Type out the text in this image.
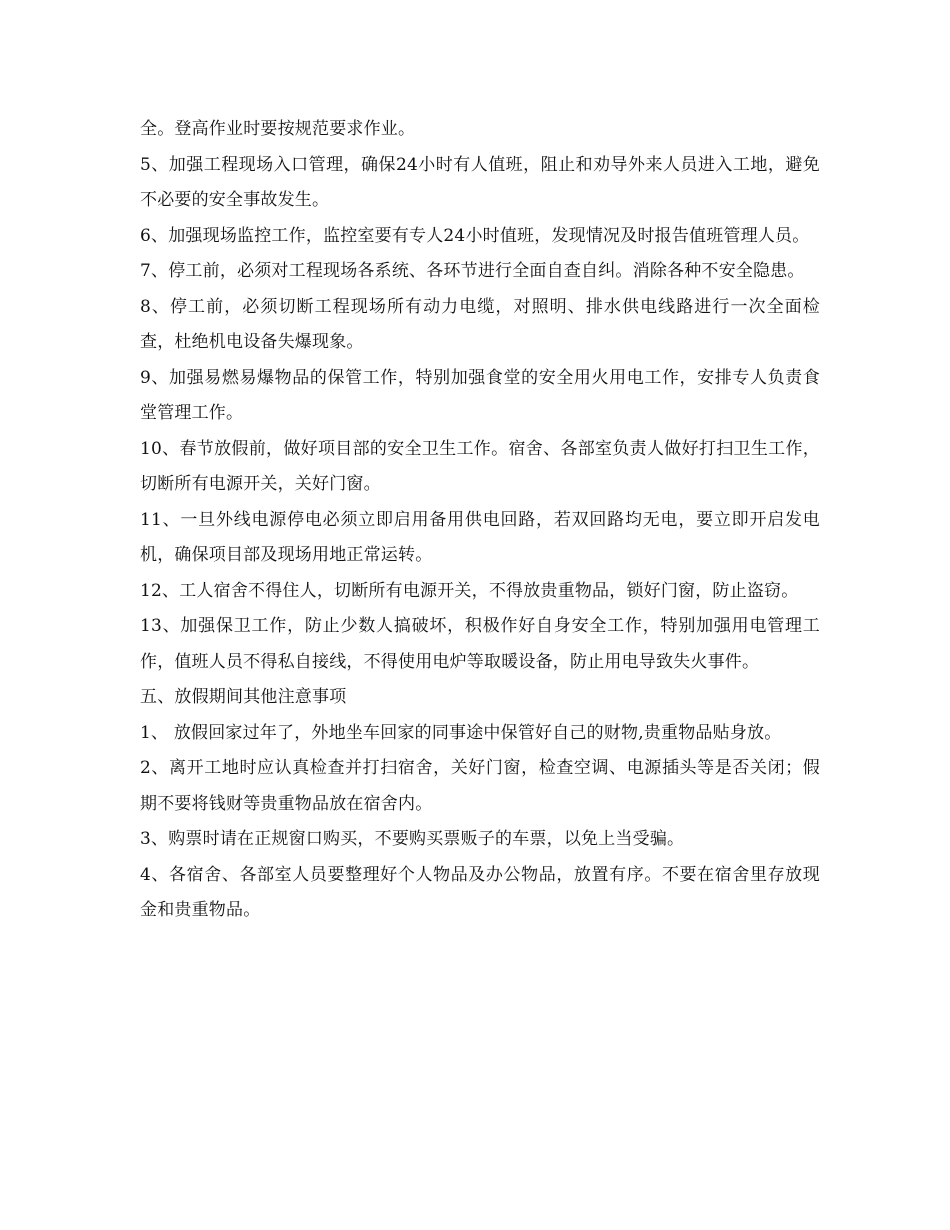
全。登高作业时要按规范要求作业。

5、加强工程现场入口管理，确保24小时有人值班，阻止和劝导外来人员进入工地，避免不必要的安全事故发生。

6、加强现场监控工作，监控室要有专人24小时值班，发现情况及时报告值班管理人员。

7、停工前，必须对工程现场各系统、各环节进行全面自查自纠。消除各种不安全隐患。

8、停工前，必须切断工程现场所有动力电缆，对照明、排水供电线路进行一次全面检查，杜绝机电设备失爆现象。

9、加强易燃易爆物品的保管工作，特别加强食堂的安全用火用电工作，安排专人负责食堂管理工作。

10、春节放假前，做好项目部的安全卫生工作。宿舍、各部室负责人做好打扫卫生工作，切断所有电源开关，关好门窗。

11、一旦外线电源停电必须立即启用备用供电回路，若双回路均无电，要立即开启发电机，确保项目部及现场用地正常运转。

12、工人宿舍不得住人，切断所有电源开关，不得放贵重物品，锁好门窗，防止盗窃。

13、加强保卫工作，防止少数人搞破坏，积极作好自身安全工作，特别加强用电管理工作，值班人员不得私自接线，不得使用电炉等取暖设备，防止用电导致失火事件。

五、放假期间其他注意事项

1、 放假回家过年了，外地坐车回家的同事途中保管好自己的财物,贵重物品贴身放。

2、离开工地时应认真检查并打扫宿舍，关好门窗，检查空调、电源插头等是否关闭；假期不要将钱财等贵重物品放在宿舍内。

3、购票时请在正规窗口购买，不要购买票贩子的车票，以免上当受骗。

4、各宿舍、各部室人员要整理好个人物品及办公物品，放置有序。不要在宿舍里存放现金和贵重物品。
